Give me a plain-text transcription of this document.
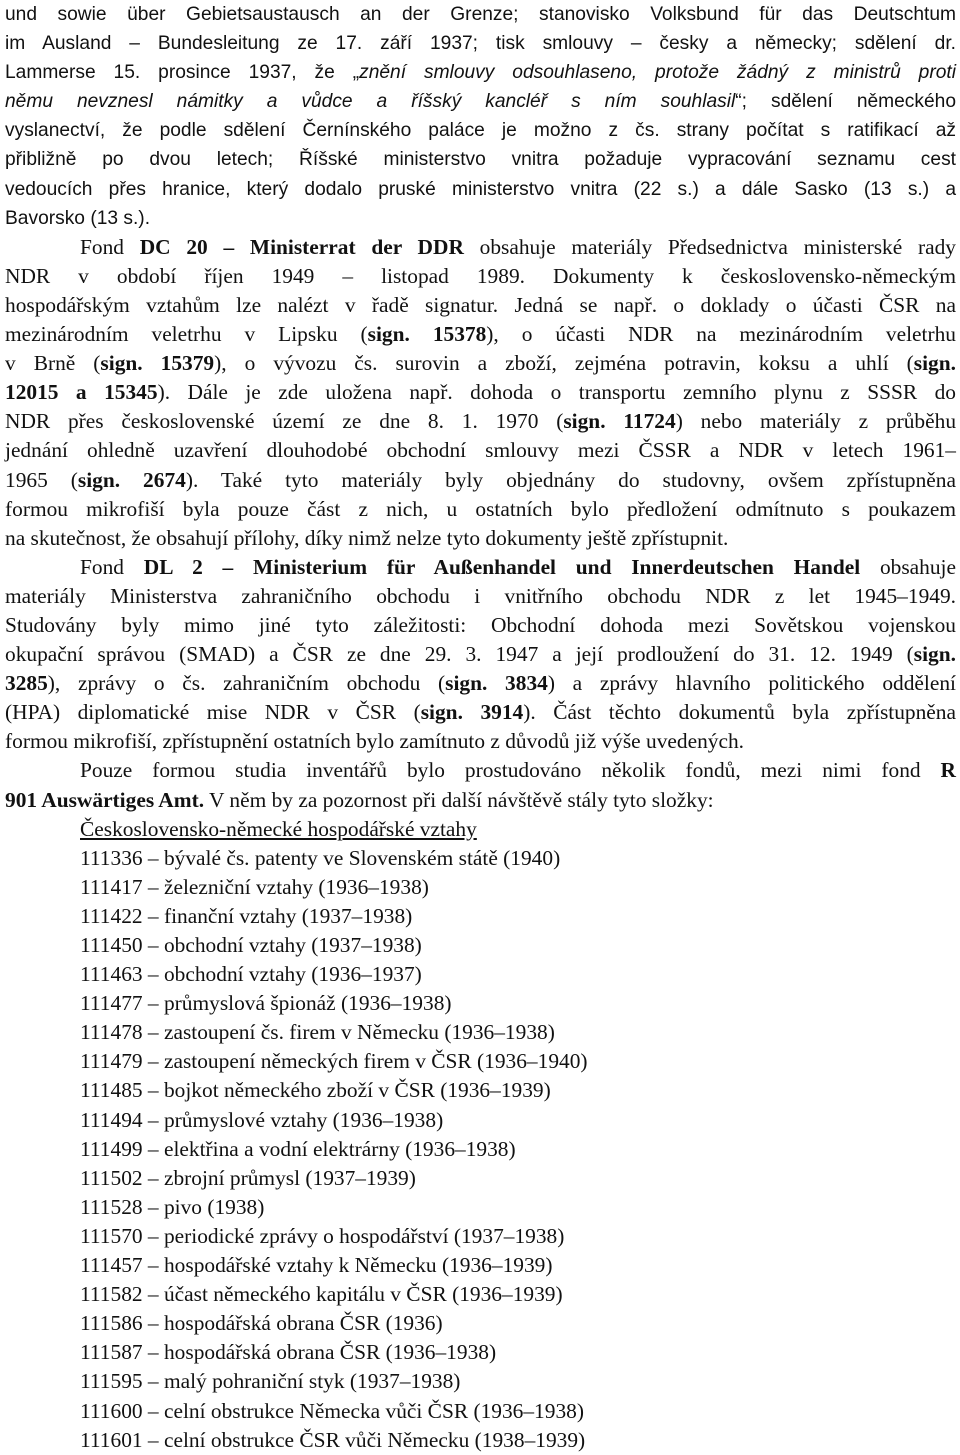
und sowie über Gebietsaustausch an der Grenze; stanovisko Volksbund für das Deutschtum
im Ausland – Bundesleitung ze 17. září 1937; tisk smlouvy – česky a německy; sdělení dr.
Lammerse 15. prosince 1937, že „znění smlouvy odsouhlaseno, protože žádný z ministrů proti
němu nevznesl námitky a vůdce a říšský kancléř s ním souhlasil“; sdělení německého
vyslanectví, že podle sdělení Černínského paláce je možno z čs. strany počítat s ratifikací až
přibližně po dvou letech; Říšské ministerstvo vnitra požaduje vypracování seznamu cest
vedoucích přes hranice, který dodalo pruské ministerstvo vnitra (22 s.) a dále Sasko (13 s.) a
Bavorsko (13 s.).
Fond DC 20 – Ministerrat der DDR obsahuje materiály Předsednictva ministerské rady
NDR v období říjen 1949 – listopad 1989. Dokumenty k československo-německým
hospodářským vztahům lze nalézt v řadě signatur. Jedná se např. o doklady o účasti ČSR na
mezinárodním veletrhu v Lipsku (sign. 15378), o účasti NDR na mezinárodním veletrhu
v Brně (sign. 15379), o vývozu čs. surovin a zboží, zejména potravin, koksu a uhlí (sign.
12015 a 15345). Dále je zde uložena např. dohoda o transportu zemního plynu z SSSR do
NDR přes československé území ze dne 8. 1. 1970 (sign. 11724) nebo materiály z průběhu
jednání ohledně uzavření dlouhodobé obchodní smlouvy mezi ČSSR a NDR v letech 1961–
1965 (sign. 2674). Také tyto materiály byly objednány do studovny, ovšem zpřístupněna
formou mikrofiší byla pouze část z nich, u ostatních bylo předložení odmítnuto s poukazem
na skutečnost, že obsahují přílohy, díky nimž nelze tyto dokumenty ještě zpřístupnit.
Fond DL 2 – Ministerium für Außenhandel und Innerdeutschen Handel obsahuje
materiály Ministerstva zahraničního obchodu i vnitřního obchodu NDR z let 1945–1949.
Studovány byly mimo jiné tyto záležitosti: Obchodní dohoda mezi Sovětskou vojenskou
okupační správou (SMAD) a ČSR ze dne 29. 3. 1947 a její prodloužení do 31. 12. 1949 (sign.
3285), zprávy o čs. zahraničním obchodu (sign. 3834) a zprávy hlavního politického oddělení
(HPA) diplomatické mise NDR v ČSR (sign. 3914). Část těchto dokumentů byla zpřístupněna
formou mikrofiší, zpřístupnění ostatních bylo zamítnuto z důvodů již výše uvedených.
Pouze formou studia inventářů bylo prostudováno několik fondů, mezi nimi fond R
901 Auswärtiges Amt. V něm by za pozornost při další návštěvě stály tyto složky:
Československo-německé hospodářské vztahy
111336 – bývalé čs. patenty ve Slovenském státě (1940)
111417 – železniční vztahy (1936–1938)
111422 – finanční vztahy (1937–1938)
111450 – obchodní vztahy (1937–1938)
111463 – obchodní vztahy (1936–1937)
111477 – průmyslová špionáž (1936–1938)
111478 – zastoupení čs. firem v Německu (1936–1938)
111479 – zastoupení německých firem v ČSR (1936–1940)
111485 – bojkot německého zboží v ČSR (1936–1939)
111494 – průmyslové vztahy (1936–1938)
111499 – elektřina a vodní elektrárny (1936–1938)
111502 – zbrojní průmysl (1937–1939)
111528 – pivo (1938)
111570 – periodické zprávy o hospodářství (1937–1938)
111457 – hospodářské vztahy k Německu (1936–1939)
111582 – účast německého kapitálu v ČSR (1936–1939)
111586 – hospodářská obrana ČSR (1936)
111587 – hospodářská obrana ČSR (1936–1938)
111595 – malý pohraniční styk (1937–1938)
111600 – celní obstrukce Německa vůči ČSR (1936–1938)
111601 – celní obstrukce ČSR vůči Německu (1938–1939)
